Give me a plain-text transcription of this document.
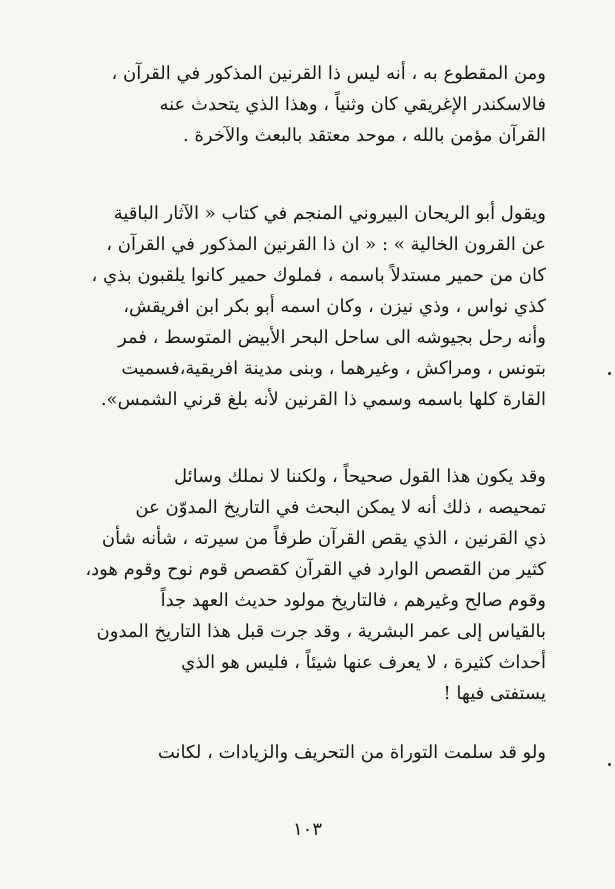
ومن المقطوع به ، أنه ليس ذا القرنين المذكور في القرآن ،
فالاسكندر الإغريقي كان وثنياً ، وهذا الذي يتحدث عنه
القرآن مؤمن بالله ، موحد معتقد بالبعث والآخرة .
ويقول أبو الريحان البيروني المنجم في كتاب « الآثار الباقية
عن القرون الخالية » : « ان ذا القرنين المذكور في القرآن ،
كان من حمير مستدلاً باسمه ، فملوك حمير كانوا يلقبون بذي ،
كذي نواس ، وذي نيزن ، وكان اسمه أبو بكر ابن افريقش،
وأنه رحل بجيوشه الى ساحل البحر الأبيض المتوسط ، فمر
بتونس ، ومراكش ، وغيرهما ، وبنى مدينة افريقية،فسميت
القارة كلها باسمه وسمي ذا القرنين لأنه بلغ قرني الشمس».
وقد يكون هذا القول صحيحاً ، ولكننا لا نملك وسائل
تمحيصه ، ذلك أنه لا يمكن البحث في التاريخ المدوّن عن
ذي القرنين ، الذي يقص القرآن طرفاً من سيرته ، شأنه شأن
كثير من القصص الوارد في القرآن كقصص قوم نوح وقوم هود،
وقوم صالح وغيرهم ، فالتاريخ مولود حديث العهد جداً
بالقياس إلى عمر البشرية ، وقد جرت قبل هذا التاريخ المدون
أحداث كثيرة ، لا يعرف عنها شيئاً ، فليس هو الذي
يستفتى فيها !
ولو قد سلمت التوراة من التحريف والزيادات ، لكانت
١٠٣
